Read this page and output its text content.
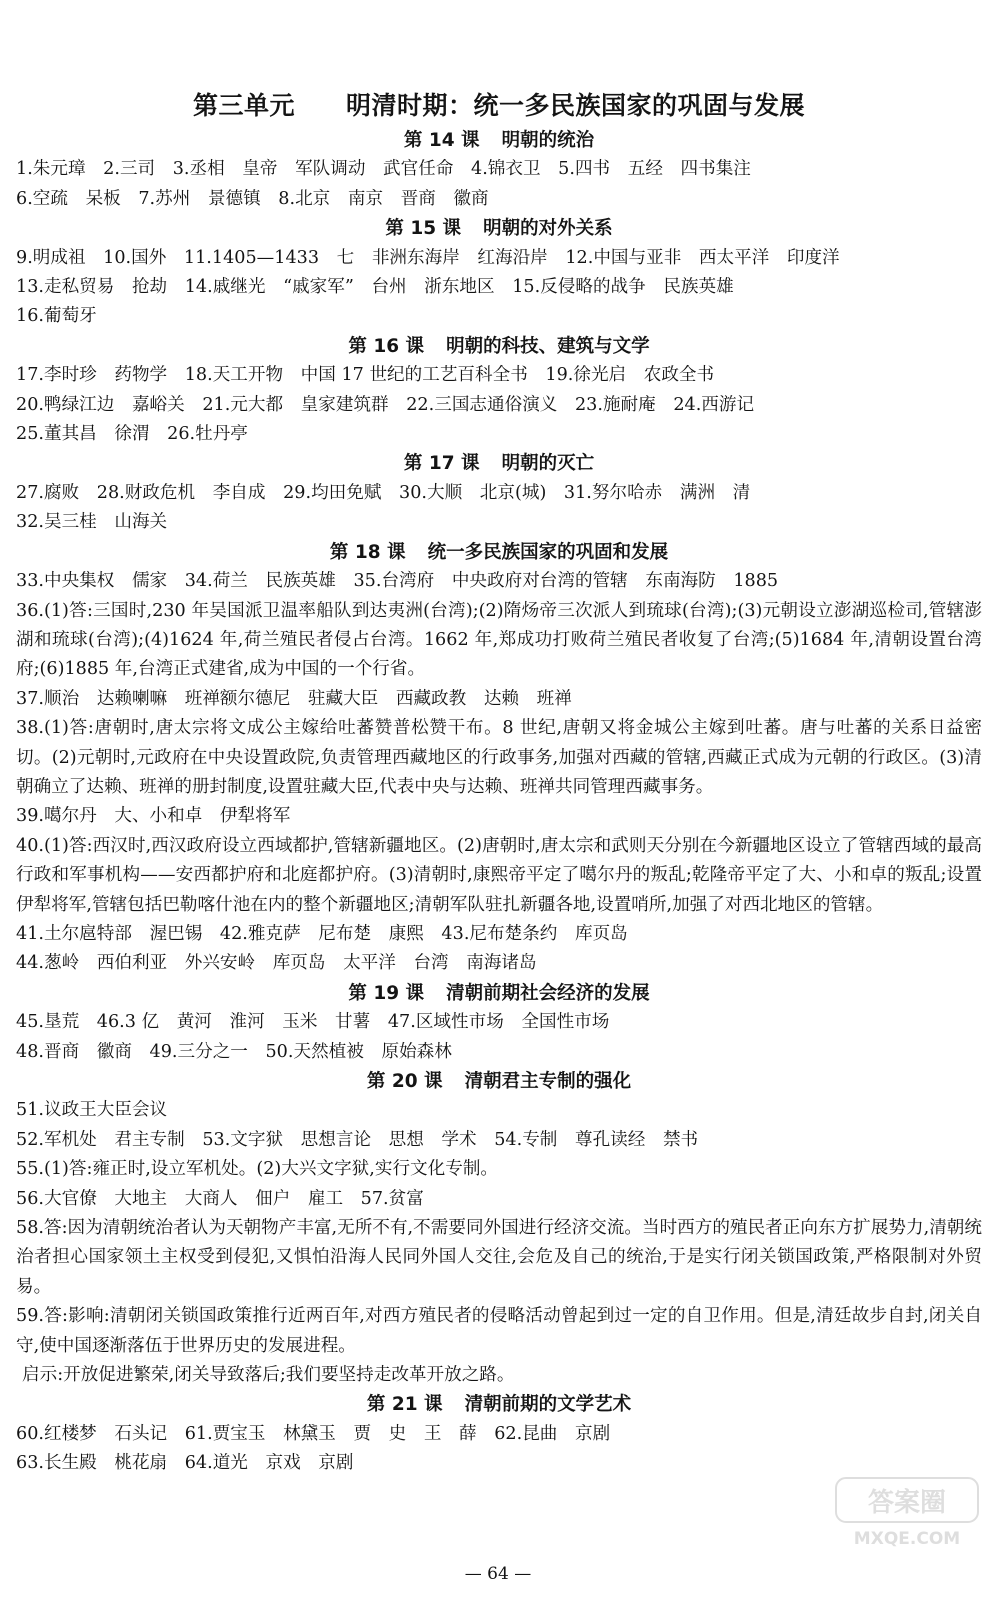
第三单元　　明清时期：统一多民族国家的巩固与发展
第 14 课 明朝的统治
1.朱元璋　2.三司　3.丞相　皇帝　军队调动　武官任命　4.锦衣卫　5.四书　五经　四书集注
6.空疏　呆板　7.苏州　景德镇　8.北京　南京　晋商　徽商
第 15 课 明朝的对外关系
9.明成祖　10.国外　11.1405—1433　七　非洲东海岸　红海沿岸　12.中国与亚非　西太平洋　印度洋
13.走私贸易　抢劫　14.戚继光　“戚家军”　台州　浙东地区　15.反侵略的战争　民族英雄
16.葡萄牙
第 16 课 明朝的科技、建筑与文学
17.李时珍　药物学　18.天工开物　中国 17 世纪的工艺百科全书　19.徐光启　农政全书
20.鸭绿江边　嘉峪关　21.元大都　皇家建筑群　22.三国志通俗演义　23.施耐庵　24.西游记
25.董其昌　徐渭　26.牡丹亭
第 17 课 明朝的灭亡
27.腐败　28.财政危机　李自成　29.均田免赋　30.大顺　北京(城)　31.努尔哈赤　满洲　清
32.吴三桂　山海关
第 18 课 统一多民族国家的巩固和发展
33.中央集权　儒家　34.荷兰　民族英雄　35.台湾府　中央政府对台湾的管辖　东南海防　1885
36.(1)答:三国时,230 年吴国派卫温率船队到达夷洲(台湾);(2)隋炀帝三次派人到琉球(台湾);(3)元朝设立澎湖巡检司,管辖澎湖和琉球(台湾);(4)1624 年,荷兰殖民者侵占台湾。1662 年,郑成功打败荷兰殖民者收复了台湾;(5)1684 年,清朝设置台湾府;(6)1885 年,台湾正式建省,成为中国的一个行省。
37.顺治　达赖喇嘛　班禅额尔德尼　驻藏大臣　西藏政教　达赖　班禅
38.(1)答:唐朝时,唐太宗将文成公主嫁给吐蕃赞普松赞干布。8 世纪,唐朝又将金城公主嫁到吐蕃。唐与吐蕃的关系日益密切。(2)元朝时,元政府在中央设置政院,负责管理西藏地区的行政事务,加强对西藏的管辖,西藏正式成为元朝的行政区。(3)清朝确立了达赖、班禅的册封制度,设置驻藏大臣,代表中央与达赖、班禅共同管理西藏事务。
39.噶尔丹　大、小和卓　伊犁将军
40.(1)答:西汉时,西汉政府设立西域都护,管辖新疆地区。(2)唐朝时,唐太宗和武则天分别在今新疆地区设立了管辖西域的最高行政和军事机构——安西都护府和北庭都护府。(3)清朝时,康熙帝平定了噶尔丹的叛乱;乾隆帝平定了大、小和卓的叛乱;设置伊犁将军,管辖包括巴勒喀什池在内的整个新疆地区;清朝军队驻扎新疆各地,设置哨所,加强了对西北地区的管辖。
41.土尔扈特部　渥巴锡　42.雅克萨　尼布楚　康熙　43.尼布楚条约　库页岛
44.葱岭　西伯利亚　外兴安岭　库页岛　太平洋　台湾　南海诸岛
第 19 课 清朝前期社会经济的发展
45.垦荒　46.3 亿　黄河　淮河　玉米　甘薯　47.区域性市场　全国性市场
48.晋商　徽商　49.三分之一　50.天然植被　原始森林
第 20 课 清朝君主专制的强化
51.议政王大臣会议
52.军机处　君主专制　53.文字狱　思想言论　思想　学术　54.专制　尊孔读经　禁书
55.(1)答:雍正时,设立军机处。(2)大兴文字狱,实行文化专制。
56.大官僚　大地主　大商人　佃户　雇工　57.贫富
58.答:因为清朝统治者认为天朝物产丰富,无所不有,不需要同外国进行经济交流。当时西方的殖民者正向东方扩展势力,清朝统治者担心国家领土主权受到侵犯,又惧怕沿海人民同外国人交往,会危及自己的统治,于是实行闭关锁国政策,严格限制对外贸易。
59.答:影响:清朝闭关锁国政策推行近两百年,对西方殖民者的侵略活动曾起到过一定的自卫作用。但是,清廷故步自封,闭关自守,使中国逐渐落伍于世界历史的发展进程。
启示:开放促进繁荣,闭关导致落后;我们要坚持走改革开放之路。
第 21 课 清朝前期的文学艺术
60.红楼梦　石头记　61.贾宝玉　林黛玉　贾　史　王　薛　62.昆曲　京剧
63.长生殿　桃花扇　64.道光　京戏　京剧
答案圈
MXQE.COM
— 64 —
